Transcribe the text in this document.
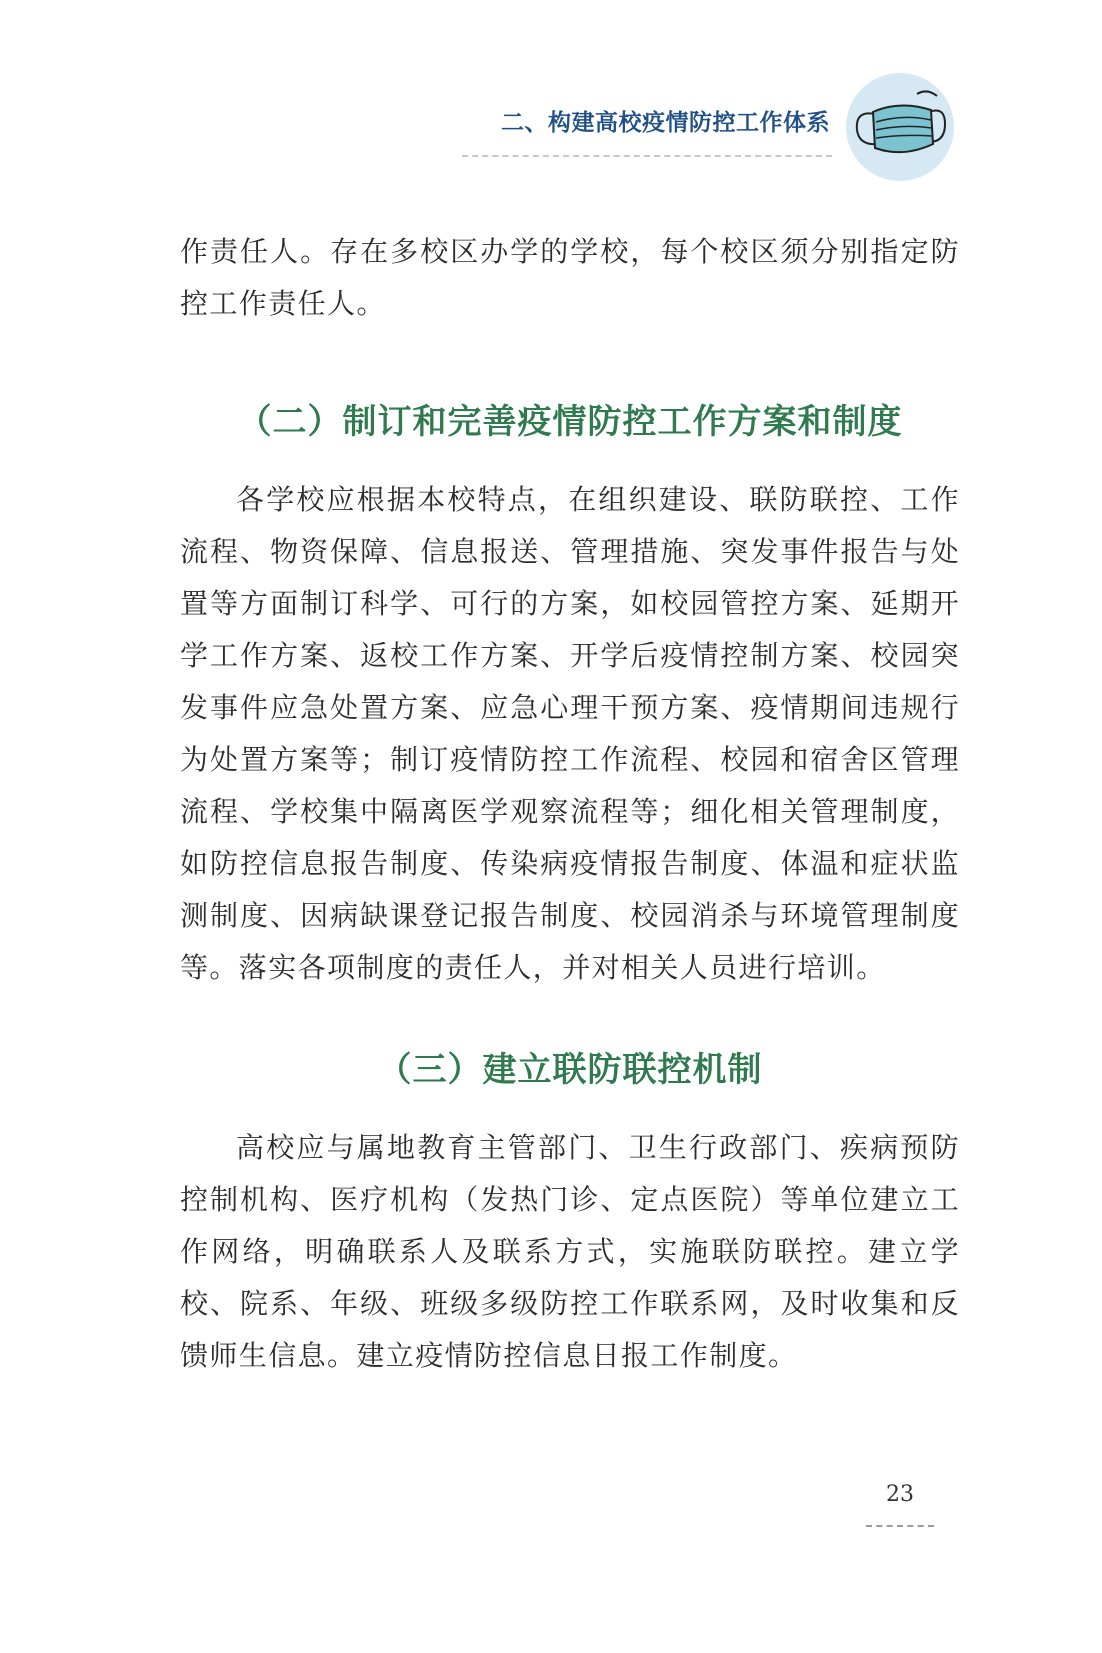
二、构建高校疫情防控工作体系

作责任人。存在多校区办学的学校，每个校区须分别指定防控工作责任人。

（二）制订和完善疫情防控工作方案和制度

各学校应根据本校特点，在组织建设、联防联控、工作流程、物资保障、信息报送、管理措施、突发事件报告与处置等方面制订科学、可行的方案，如校园管控方案、延期开学工作方案、返校工作方案、开学后疫情控制方案、校园突发事件应急处置方案、应急心理干预方案、疫情期间违规行为处置方案等；制订疫情防控工作流程、校园和宿舍区管理流程、学校集中隔离医学观察流程等；细化相关管理制度，如防控信息报告制度、传染病疫情报告制度、体温和症状监测制度、因病缺课登记报告制度、校园消杀与环境管理制度等。落实各项制度的责任人，并对相关人员进行培训。

（三）建立联防联控机制

高校应与属地教育主管部门、卫生行政部门、疾病预防控制机构、医疗机构（发热门诊、定点医院）等单位建立工作网络，明确联系人及联系方式，实施联防联控。建立学校、院系、年级、班级多级防控工作联系网，及时收集和反馈师生信息。建立疫情防控信息日报工作制度。

23
